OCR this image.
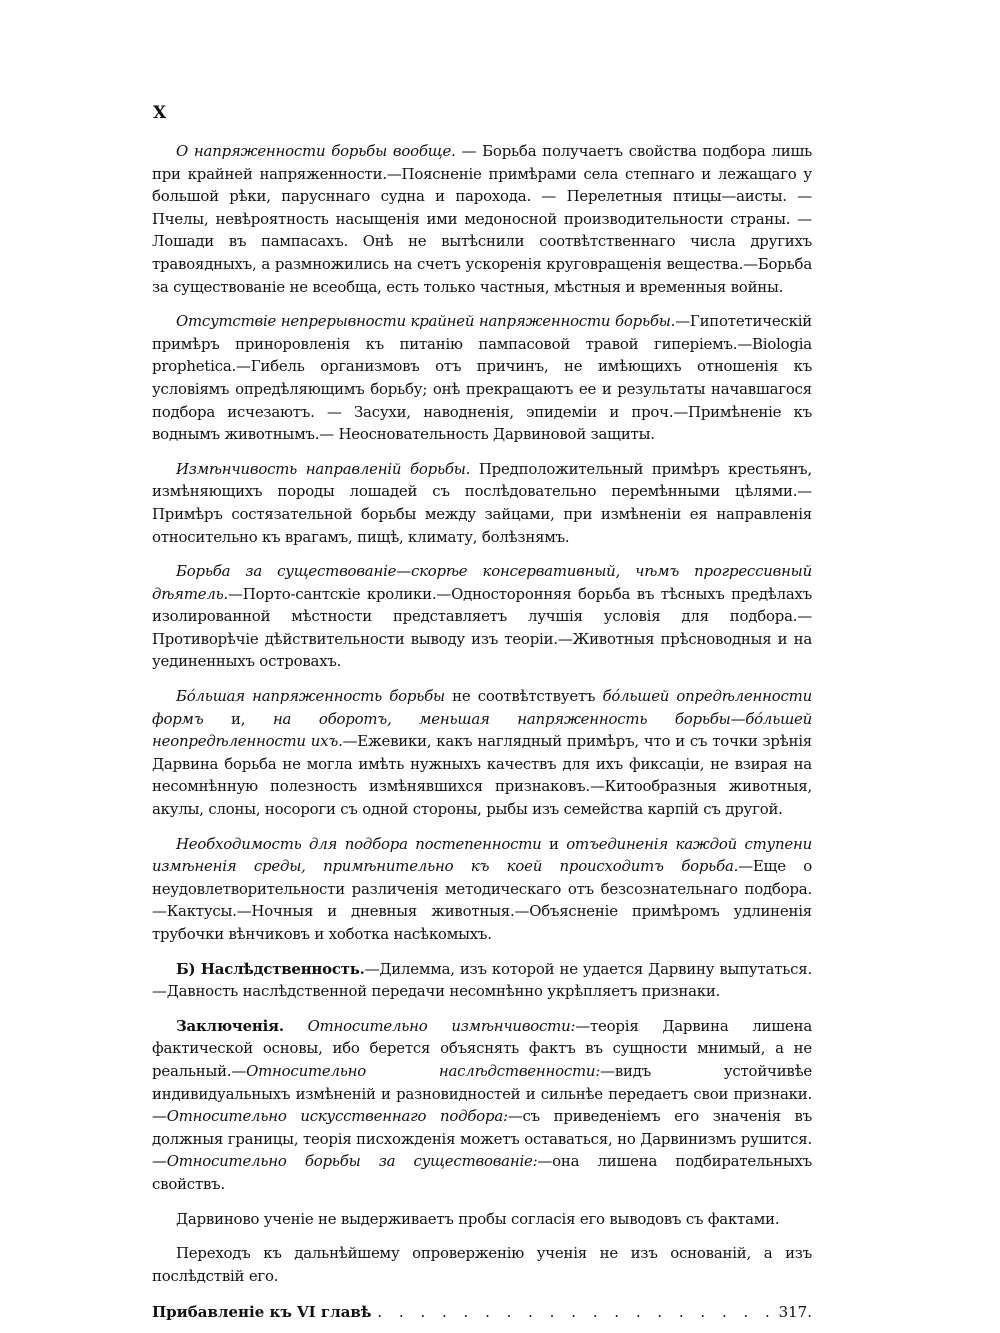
X

О напряженности борьбы вообще. — Борьба получаетъ свойства подбора лишь при крайней напряженности.—Поясненіе примѣрами села степнаго и лежащаго у большой рѣки, парусннаго судна и парохода. — Перелетныя птицы—аисты. — Пчелы, невѣроятность насыщенія ими медоносной производительности страны. — Лошади въ пампасахъ. Онѣ не вытѣснили соотвѣтственнаго числа другихъ травоядныхъ, а размножились на счетъ ускоренія круговращенія вещества.—Борьба за существованіе не всеобща, есть только частныя, мѣстныя и временныя войны.

Отсутствіе непрерывности крайней напряженности борьбы.—Гипотетическій примѣръ приноровленія къ питанію пампасовой травой гиперіемъ.—Biologia prophetica.—Гибель организмовъ отъ причинъ, не имѣющихъ отношенія къ условіямъ опредѣляющимъ борьбу; онѣ прекращаютъ ее и результаты начавшагося подбора исчезаютъ. — Засухи, наводненія, эпидеміи и проч.—Примѣненіе къ воднымъ животнымъ.— Неосновательность Дарвиновой защиты.

Измѣнчивость направленій борьбы. Предположительный примѣръ крестьянъ, измѣняющихъ породы лошадей съ послѣдовательно перемѣнными цѣлями.—Примѣръ состязательной борьбы между зайцами, при измѣненіи ея направленія относительно къ врагамъ, пищѣ, климату, болѣзнямъ.

Борьба за существованіе—скорѣе консервативный, чѣмъ прогрессивный дѣятель.—Порто-сантскіе кролики.—Односторонняя борьба въ тѣсныхъ предѣлахъ изолированной мѣстности представляетъ лучшія условія для подбора.—Противорѣчіе дѣйствительности выводу изъ теоріи.—Животныя прѣсноводныя и на уединенныхъ островахъ.

Бóльшая напряженность борьбы не соотвѣтствуетъ бóльшей опредѣленности формъ и, на оборотъ, меньшая напряженность борьбы—бóльшей неопредѣленности ихъ.—Ежевики, какъ наглядный примѣръ, что и съ точки зрѣнія Дарвина борьба не могла имѣть нужныхъ качествъ для ихъ фиксаціи, не взирая на несомнѣнную полезность измѣнявшихся признаковъ.—Китообразныя животныя, акулы, слоны, носороги съ одной стороны, рыбы изъ семейства карпій съ другой.

Необходимость для подбора постепенности и отъединенія каждой ступени измѣненія среды, примѣнительно къ коей происходитъ борьба.—Еще о неудовлетворительности различенія методическаго отъ безсознательнаго подбора.—Кактусы.—Ночныя и дневныя животныя.—Объясненіе примѣромъ удлиненія трубочки вѣнчиковъ и хоботка насѣкомыхъ.

Б) Наслѣдственность.—Дилемма, изъ которой не удается Дарвину выпутаться.—Давность наслѣдственной передачи несомнѣнно укрѣпляетъ признаки.

Заключенія. Относительно измѣнчивости:—теорія Дарвина лишена фактической основы, ибо берется объяснять фактъ въ сущности мнимый, а не реальный.—Относительно наслѣдственности:—видъ устойчивѣе индивидуальныхъ измѣненій и разновидностей и сильнѣе передаетъ свои признаки.—Относительно искусственнаго подбора:—съ приведеніемъ его значенія въ должныя границы, теорія писхожденія можетъ оставаться, но Дарвинизмъ рушится.—Относительно борьбы за существованіе:—она лишена подбирательныхъ свойствъ.

Дарвиново ученіе не выдерживаетъ пробы согласія его выводовъ съ фактами.

Переходъ къ дальнѣйшему опроверженію ученія не изъ основаній, а изъ послѣдствій его.

Прибавленіе къ VI главѣ
. . .	317.
